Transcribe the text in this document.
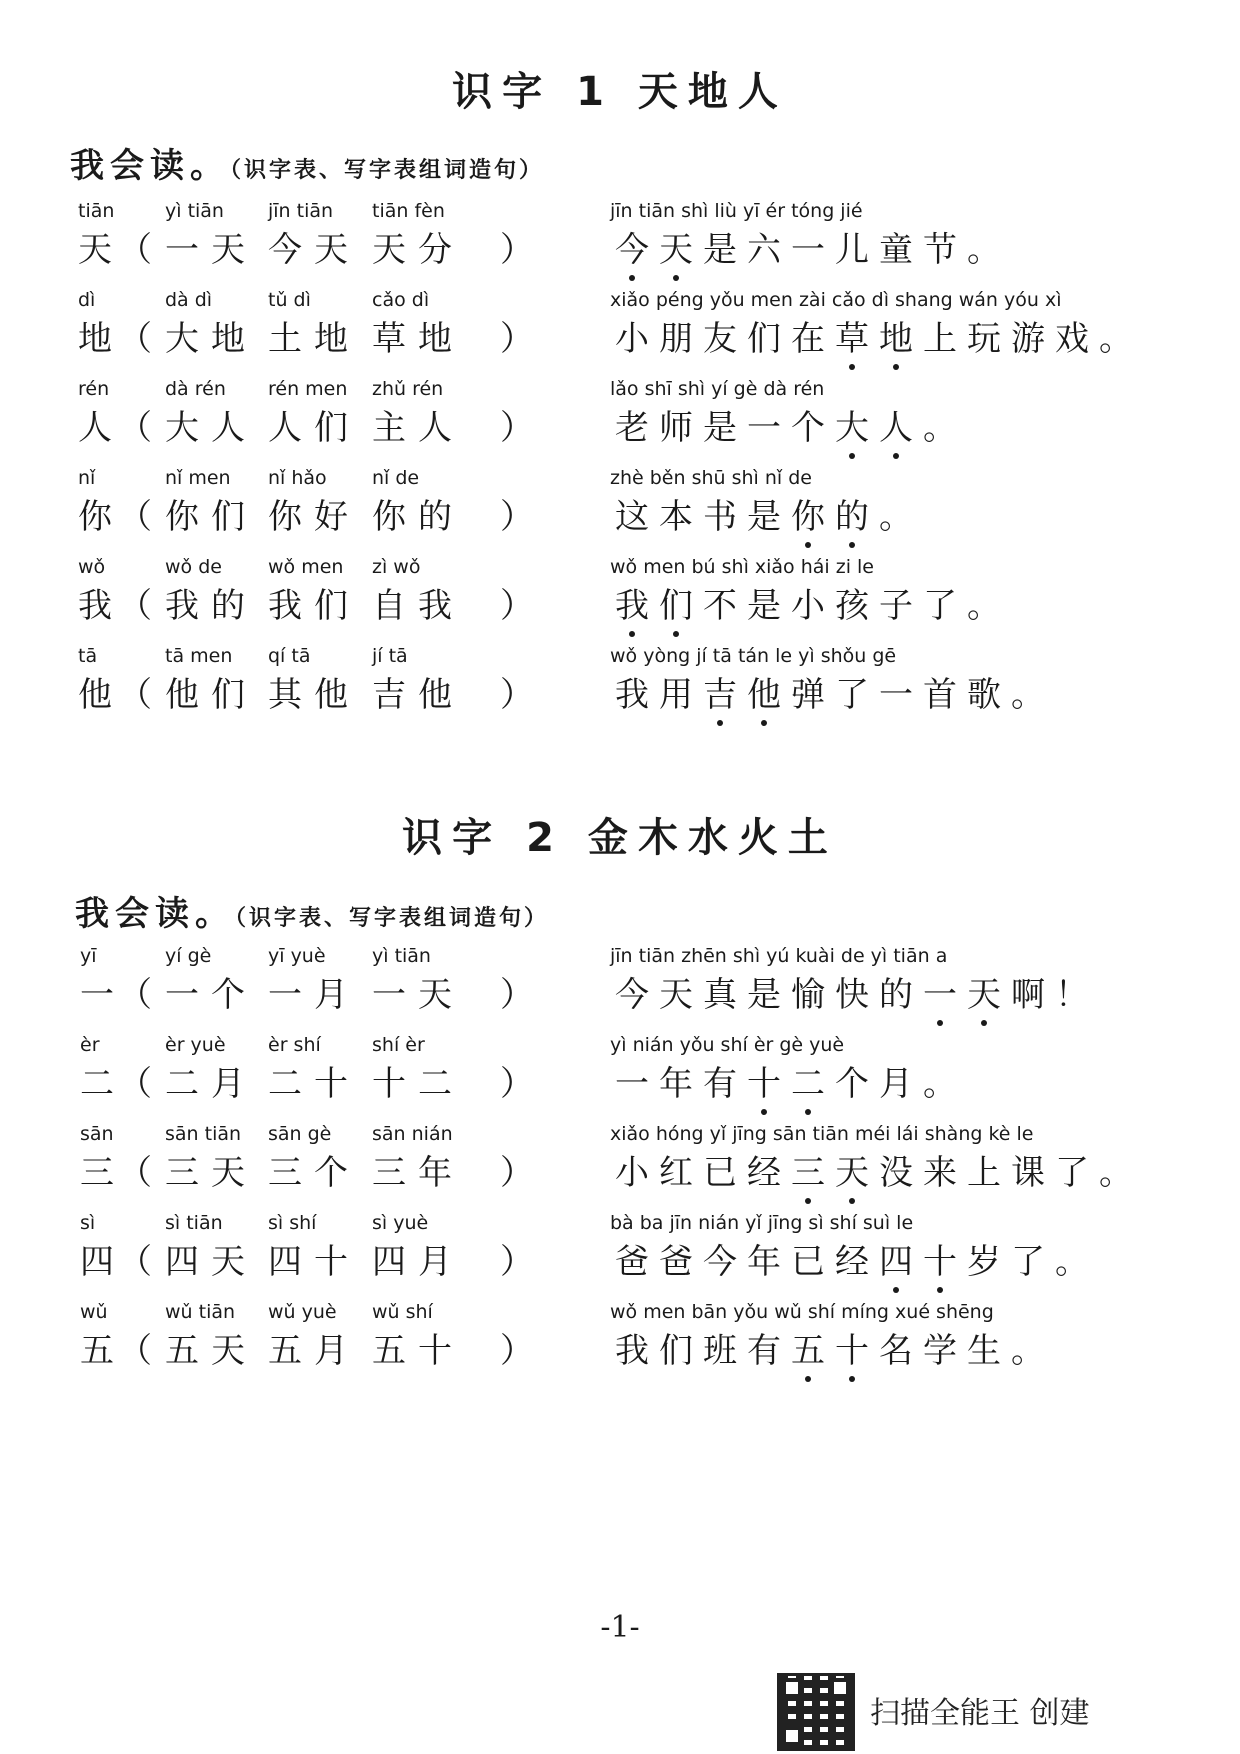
识字 1 天地人
我会读。（识字表、写字表组词造句）
tiān
天
（
yì tiān
一天
jīn tiān
今天
tiān fèn
天分 ）
jīn tiān shì liù yī ér tóng jié
今 天 是 六 一 儿 童 节 。
dì
地
（
dà dì
大地
tǔ dì
土地
cǎo dì
草地 ）
xiǎo péng yǒu men zài cǎo dì shang wán yóu xì
小 朋 友 们 在 草 地 上 玩 游 戏 。
rén
人
（
dà rén
大人
rén men
人们
zhǔ rén
主人 ）
lǎo shī shì yí gè dà rén
老 师 是 一 个 大 人 。
nǐ
你
（
nǐ men
你们
nǐ hǎo
你好
nǐ de
你的 ）
zhè běn shū shì nǐ de
这 本 书 是 你 的 。
wǒ
我
（
wǒ de
我的
wǒ men
我们
zì wǒ
自我 ）
wǒ men bú shì xiǎo hái zi le
我 们 不 是 小 孩 子 了 。
tā
他
（
tā men
他们
qí tā
其他
jí tā
吉他 ）
wǒ yòng jí tā tán le yì shǒu gē
我 用 吉 他 弹 了 一 首 歌 。
识字 2 金木水火土
我会读。（识字表、写字表组词造句）
yī
一
（
yí gè
一个
yī yuè
一月
yì tiān
一天 ）
jīn tiān zhēn shì yú kuài de yì tiān a
今 天 真 是 愉 快 的 一 天 啊 ！
èr
二
（
èr yuè
二月
èr shí
二十
shí èr
十二 ）
yì nián yǒu shí èr gè yuè
一 年 有 十 二 个 月 。
sān
三
（
sān tiān
三天
sān gè
三个
sān nián
三年 ）
xiǎo hóng yǐ jīng sān tiān méi lái shàng kè le
小 红 已 经 三 天 没 来 上 课 了 。
sì
四
（
sì tiān
四天
sì shí
四十
sì yuè
四月 ）
bà ba jīn nián yǐ jīng sì shí suì le
爸 爸 今 年 已 经 四 十 岁 了 。
wǔ
五
（
wǔ tiān
五天
wǔ yuè
五月
wǔ shí
五十 ）
wǒ men bān yǒu wǔ shí míng xué shēng
我 们 班 有 五 十 名 学 生 。
-1-
扫描全能王 创建
